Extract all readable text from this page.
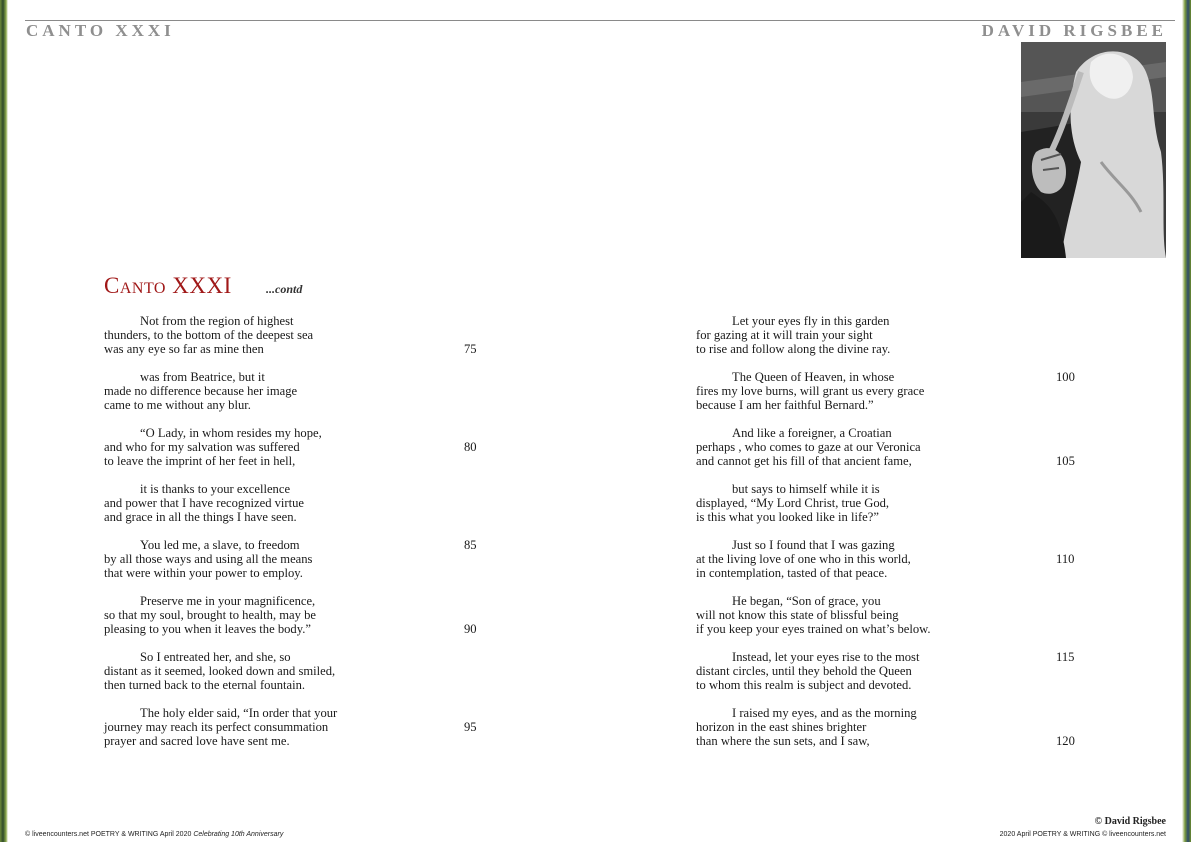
CANTO XXXI	DAVID RIGSBEE
Canto XXXI	...contd
Not from the region of highest
thunders, to the bottom of the deepest sea
was any eye so far as mine then	75
was from Beatrice, but it
made no difference because her image
came to me without any blur.
“O Lady, in whom resides my hope,
and who for my salvation was suffered
to leave the imprint of her feet in hell,
80
it is thanks to your excellence
and power that I have recognized virtue
and grace in all the things I have seen.
You led me, a slave, to freedom
by all those ways and using all the means
that were within your power to employ.
85
Preserve me in your magnificence,
so that my soul, brought to health, may be
pleasing to you when it leaves the body.”	90
So I entreated her, and she, so
distant as it seemed, looked down and smiled,
then turned back to the eternal fountain.
The holy elder said, “In order that your
journey may reach its perfect consummation
prayer and sacred love have sent me.
95
Let your eyes fly in this garden
for gazing at it will train your sight
to rise and follow along the divine ray.
The Queen of Heaven, in whose
fires my love burns, will grant us every grace
because I am her faithful Bernard.”
100
And like a foreigner, a Croatian
perhaps , who comes to gaze at our Veronica
and cannot get his fill of that ancient fame,	105
but says to himself while it is
displayed, “My Lord Christ, true God,
is this what you looked like in life?”
Just so I found that I was gazing
at the living love of one who in this world,
in contemplation, tasted of that peace.
110
He began, “Son of grace, you
will not know this state of blissful being
if you keep your eyes trained on what’s below.
Instead, let your eyes rise to the most
distant circles, until they behold the Queen
to whom this realm is subject and devoted.
115
I raised my eyes, and as the morning
horizon in the east shines brighter
than where the sun sets, and I saw,	120
© David Rigsbee
© liveencounters.net POETRY & WRITING April 2020 Celebrating 10th Anniversary	2020 April POETRY & WRITING © liveencounters.net
